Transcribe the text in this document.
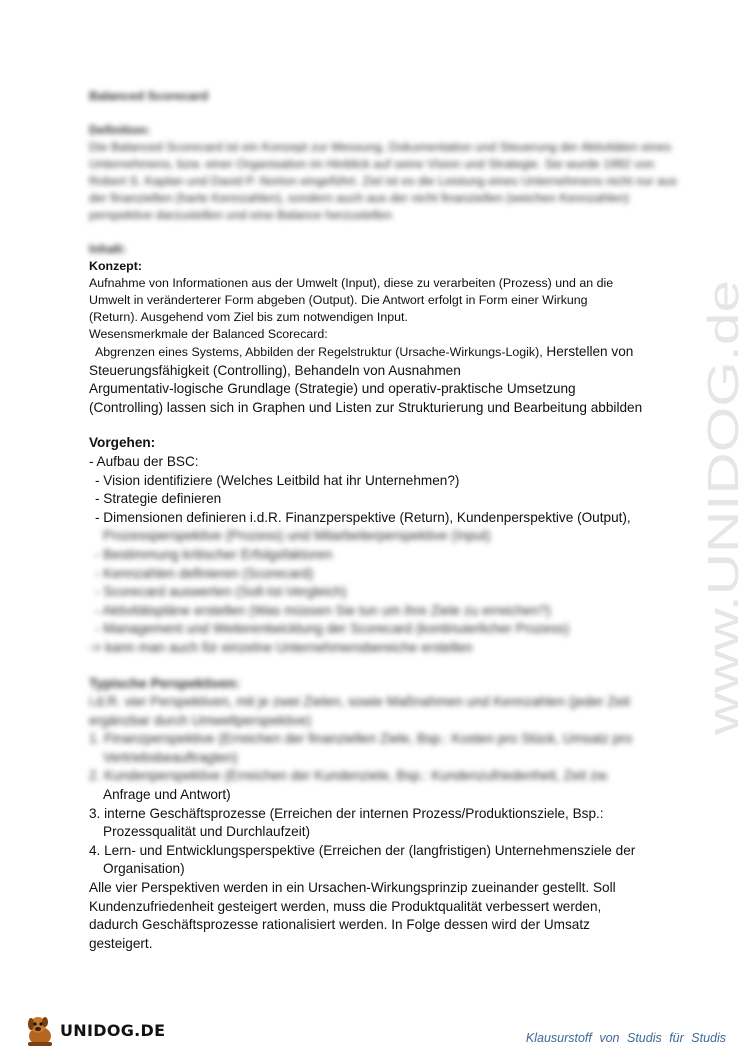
Balanced Scorecard
Definition:
Die Balanced Scorecard ist ein Konzept zur Messung, Dokumentation und Steuerung der Aktivitäten eines Unternehmens, bzw. einer Organisation im Hinblick auf seine Vision und Strategie. Sie wurde 1992 von Robert S. Kaplan und David P. Norton eingeführt. Ziel ist es die Leistung eines Unternehmens nicht nur aus der finanziellen (harte Kennzahlen), sondern auch aus der nicht finanziellen (weichen Kennzahlen) perspektive darzustellen und eine Balance herzustellen
Inhalt:
Konzept:
Aufnahme von Informationen aus der Umwelt (Input), diese zu verarbeiten (Prozess) und an die
Umwelt in veränderterer Form abgeben (Output). Die Antwort erfolgt in Form einer Wirkung
(Return). Ausgehend vom Ziel bis zum notwendigen Input.
Wesensmerkmale der Balanced Scorecard:
Abgrenzen eines Systems, Abbilden der Regelstruktur (Ursache-Wirkungs-Logik), Herstellen von
Steuerungsfähigkeit (Controlling), Behandeln von Ausnahmen
Argumentativ-logische Grundlage (Strategie) und operativ-praktische Umsetzung
(Controlling) lassen sich in Graphen und Listen zur Strukturierung und Bearbeitung abbilden
Vorgehen:
- Aufbau der BSC:
- Vision identifiziere (Welches Leitbild hat ihr Unternehmen?)
- Strategie definieren
- Dimensionen definieren i.d.R. Finanzperspektive (Return), Kundenperspektive (Output),
Prozessperspektive (Prozess) und Mitarbeiterperspektive (Input)
- Bestimmung kritischer Erfolgsfaktoren
- Kennzahlen definieren (Scorecard)
- Scorecard auswerten (Soll-Ist-Vergleich)
- Aktivitätspläne erstellen (Was müssen Sie tun um ihre Ziele zu erreichen?)
- Management und Weiterentwicklung der Scorecard (kontinuierlicher Prozess)
-> kann man auch für einzelne Unternehmensbereiche erstellen
Typische Perspektiven:
i.d.R. vier Perspektiven, mit je zwei Zielen, sowie Maßnahmen und Kennzahlen (jeder Zeit
ergänzbar durch Umweltperspektive)
1. Finanzperspektive (Erreichen der finanziellen Ziele, Bsp.: Kosten pro Stück, Umsatz pro
Vertriebsbeauftragten)
2. Kundenperspektive (Erreichen der Kundenziele, Bsp.: Kundenzufriedenheit, Zeit zw.
Anfrage und Antwort)
3. interne Geschäftsprozesse (Erreichen der internen Prozess/Produktionsziele, Bsp.:
Prozessqualität und Durchlaufzeit)
4. Lern- und Entwicklungsperspektive (Erreichen der (langfristigen) Unternehmensziele der
Organisation)
Alle vier Perspektiven werden in ein Ursachen-Wirkungsprinzip zueinander gestellt. Soll
Kundenzufriedenheit gesteigert werden, muss die Produktqualität verbessert werden,
dadurch Geschäftsprozesse rationalisiert werden. In Folge dessen wird der Umsatz
gesteigert.
www.UNIDOG.de
UNIDOG.DE	Klausurstoff von Studis für Studis
